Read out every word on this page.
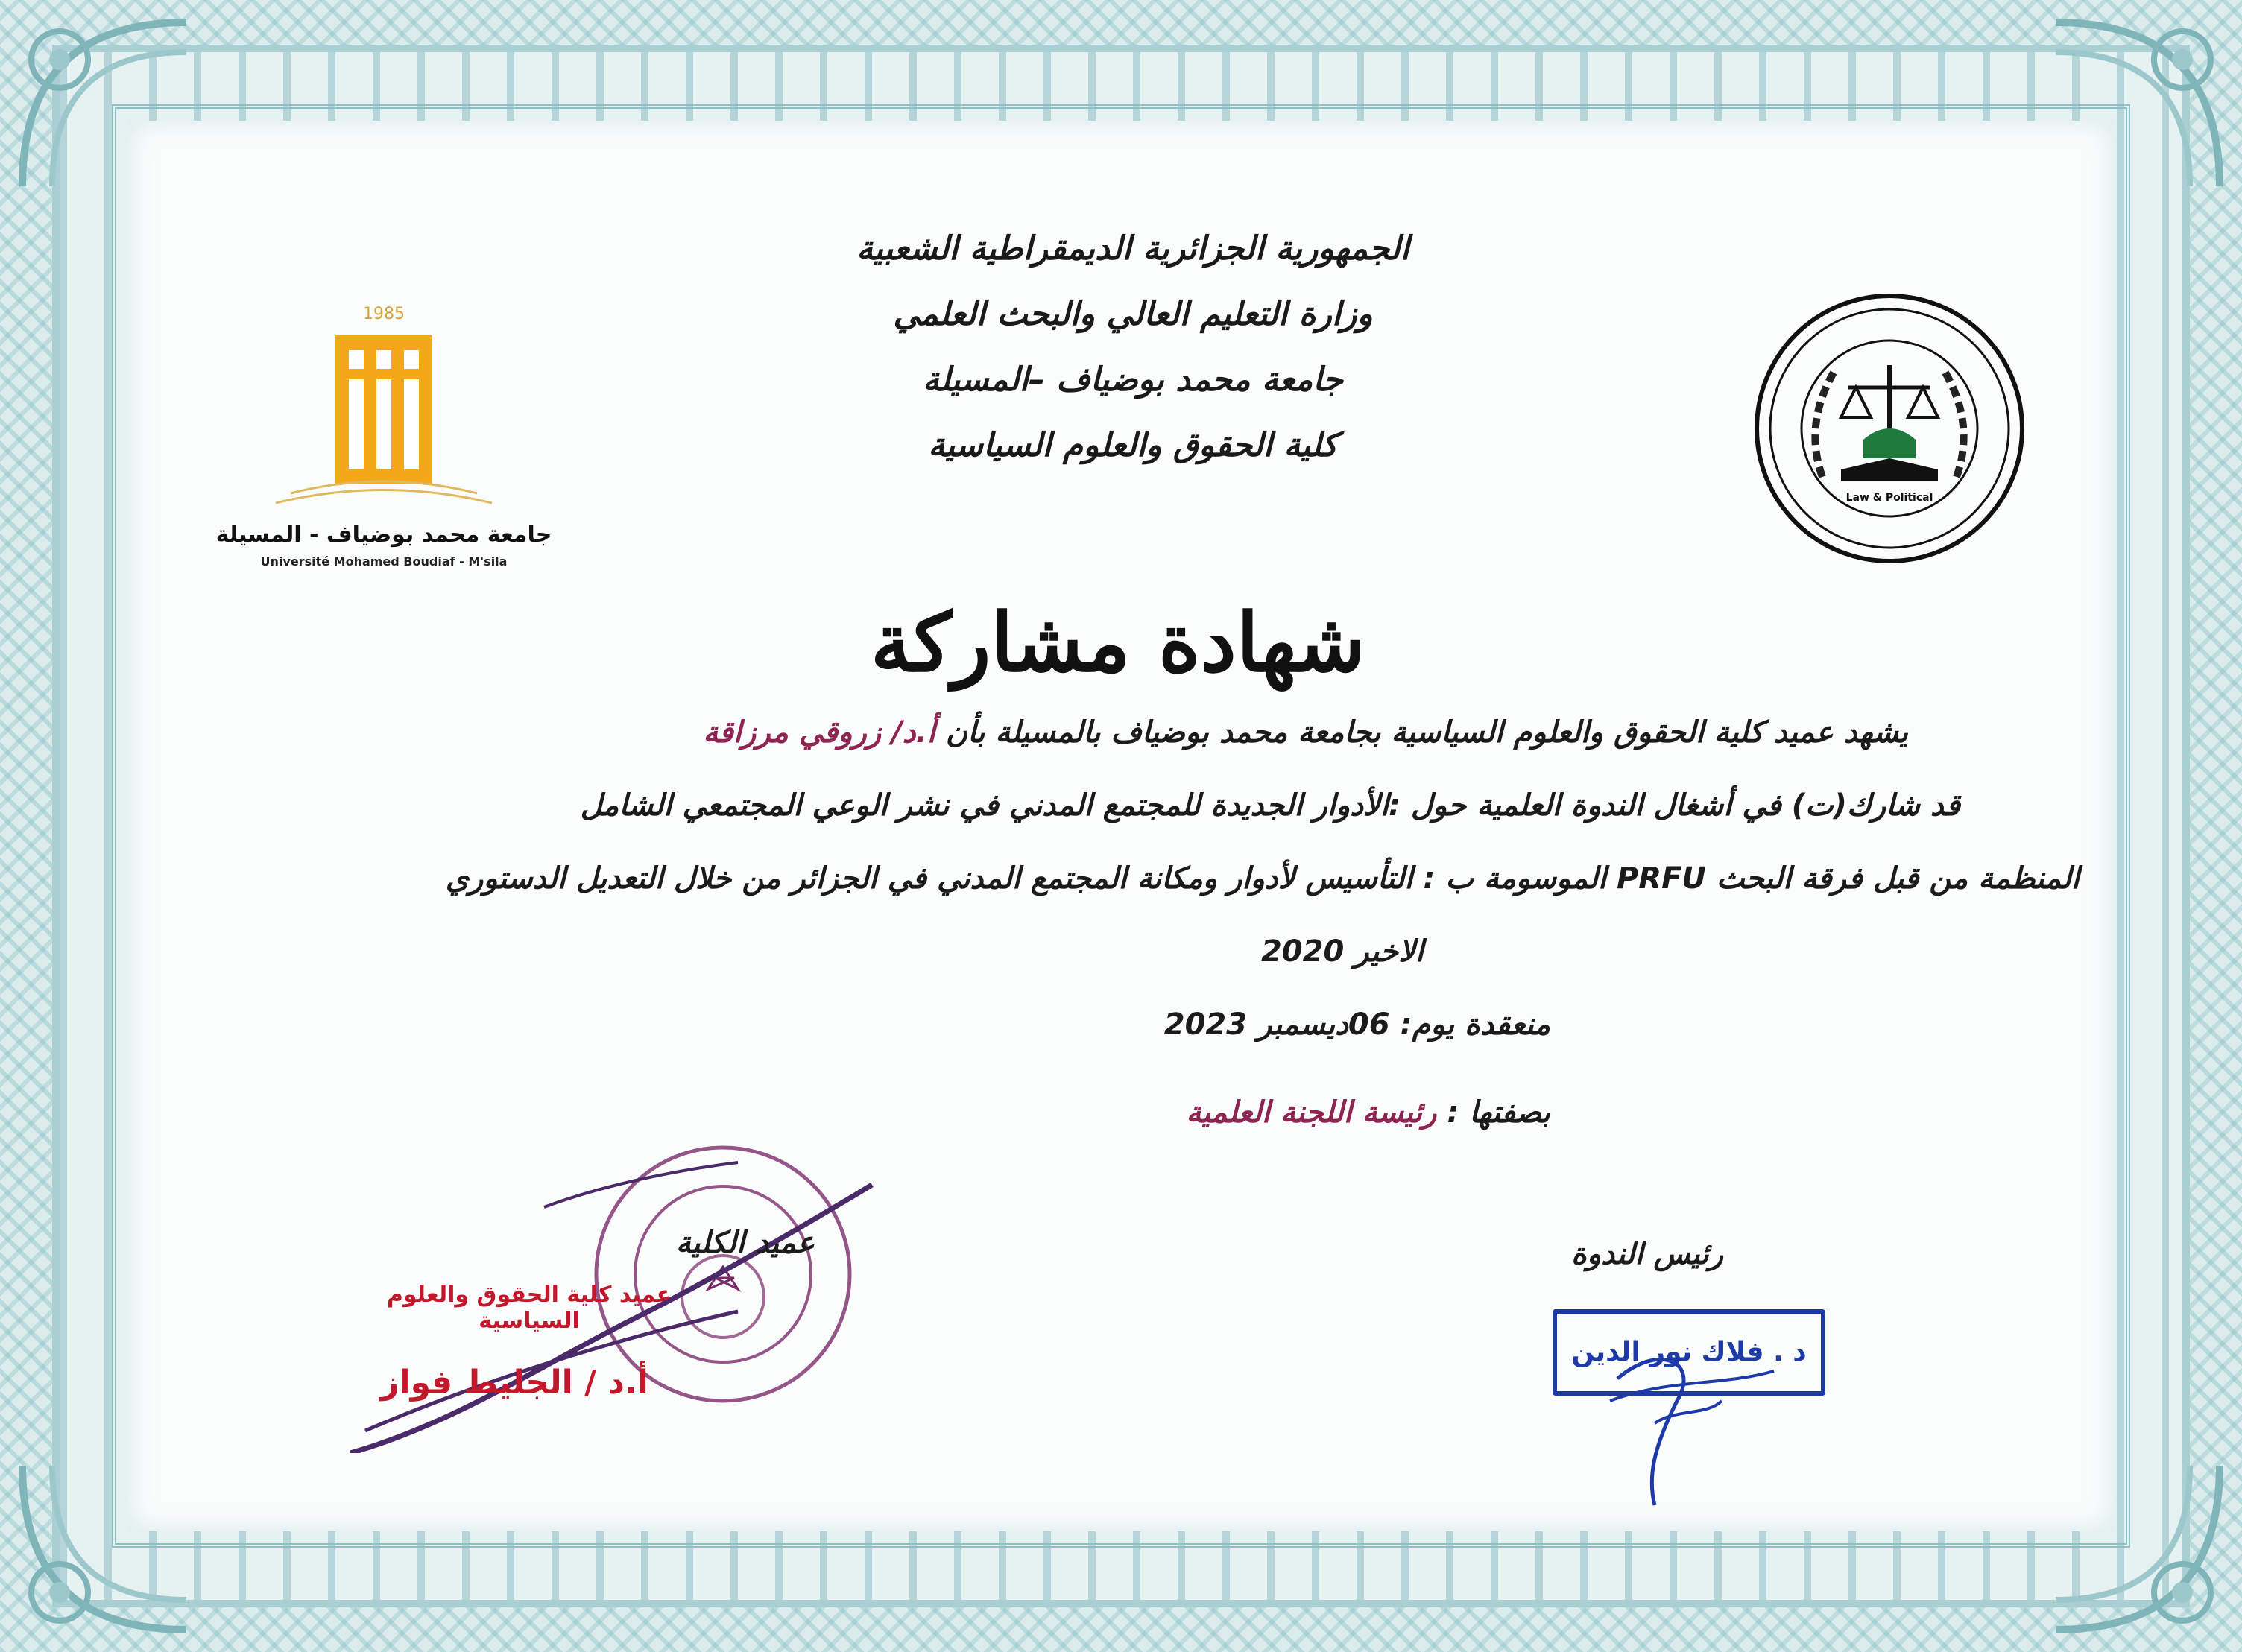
الجمهورية الجزائرية الديمقراطية الشعبية
وزارة التعليم العالي والبحث العلمي
جامعة محمد بوضياف –المسيلة
كلية الحقوق والعلوم السياسية
1985
جامعة محمد بوضياف - المسيلة
Université Mohamed Boudiaf - M'sila
Law & Political
شهادة مشاركة
يشهد عميد كلية الحقوق والعلوم السياسية بجامعة محمد بوضياف بالمسيلة بأن أ.د/ زروقي مرزاقة
قد شارك(ت) في أشغال الندوة العلمية حول :الأدوار الجديدة للمجتمع المدني في نشر الوعي المجتمعي الشامل
المنظمة من قبل فرقة البحث PRFU الموسومة ب : التأسيس لأدوار ومكانة المجتمع المدني في الجزائر من خلال التعديل الدستوري
الاخير 2020
منعقدة يوم: 06ديسمبر 2023
بصفتها : رئيسة اللجنة العلمية
رئيس الندوة
د . فلاك نور الدين
عميد كلية الحقوق والعلوم السياسية
أ.د / الجليط فواز
عميد الكلية
